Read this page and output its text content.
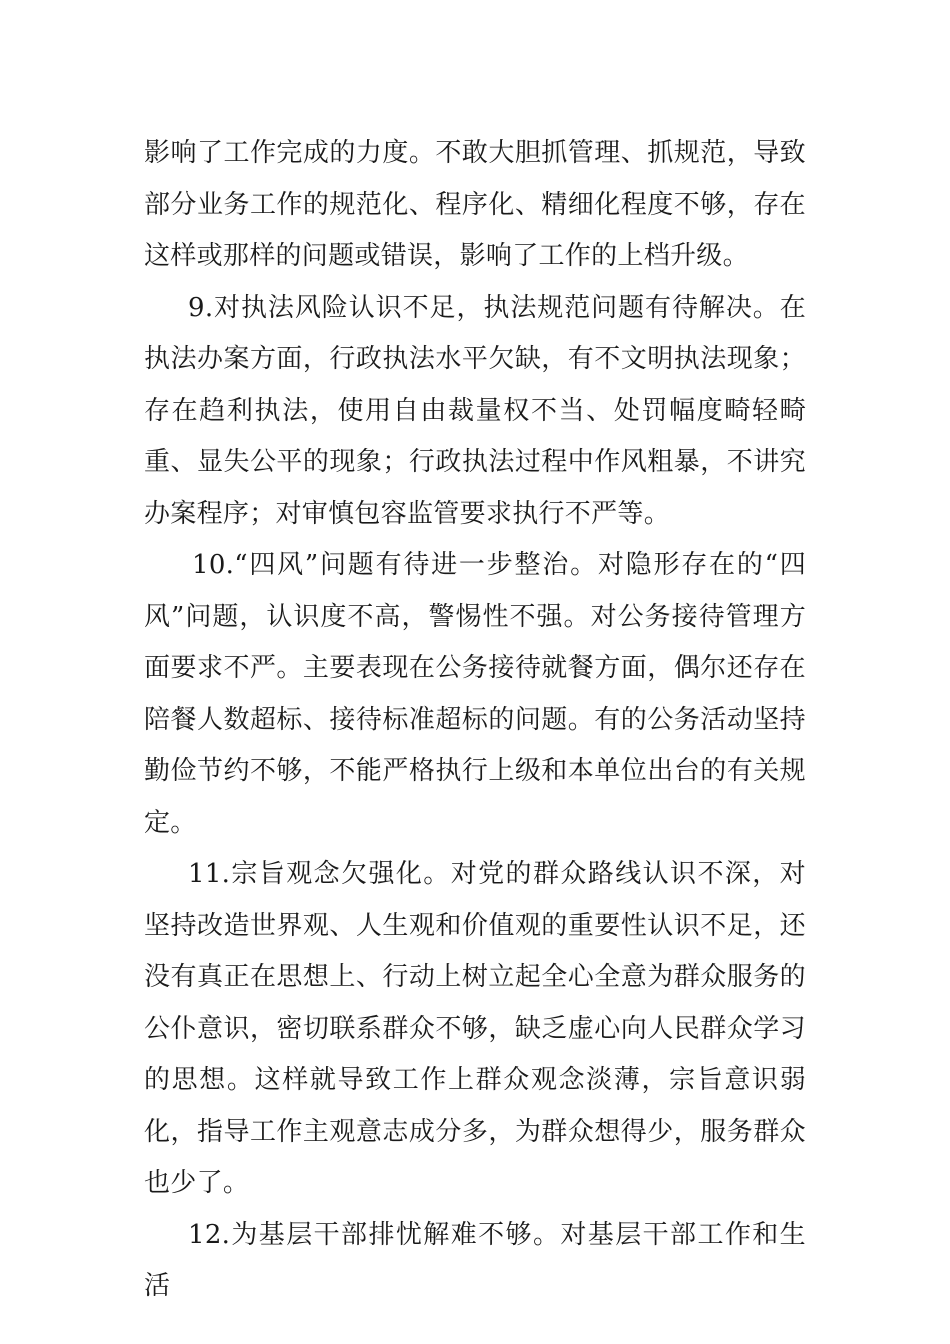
影响了工作完成的力度。不敢大胆抓管理、抓规范，导致部分业务工作的规范化、程序化、精细化程度不够，存在这样或那样的问题或错误，影响了工作的上档升级。

9.对执法风险认识不足，执法规范问题有待解决。在执法办案方面，行政执法水平欠缺，有不文明执法现象；存在趋利执法，使用自由裁量权不当、处罚幅度畸轻畸重、显失公平的现象；行政执法过程中作风粗暴，不讲究办案程序；对审慎包容监管要求执行不严等。

10.“四风”问题有待进一步整治。对隐形存在的“四风”问题，认识度不高，警惕性不强。对公务接待管理方面要求不严。主要表现在公务接待就餐方面，偶尔还存在陪餐人数超标、接待标准超标的问题。有的公务活动坚持勤俭节约不够，不能严格执行上级和本单位出台的有关规定。

11.宗旨观念欠强化。对党的群众路线认识不深，对坚持改造世界观、人生观和价值观的重要性认识不足，还没有真正在思想上、行动上树立起全心全意为群众服务的公仆意识，密切联系群众不够，缺乏虚心向人民群众学习的思想。这样就导致工作上群众观念淡薄，宗旨意识弱化，指导工作主观意志成分多，为群众想得少，服务群众也少了。

12.为基层干部排忧解难不够。对基层干部工作和生活
